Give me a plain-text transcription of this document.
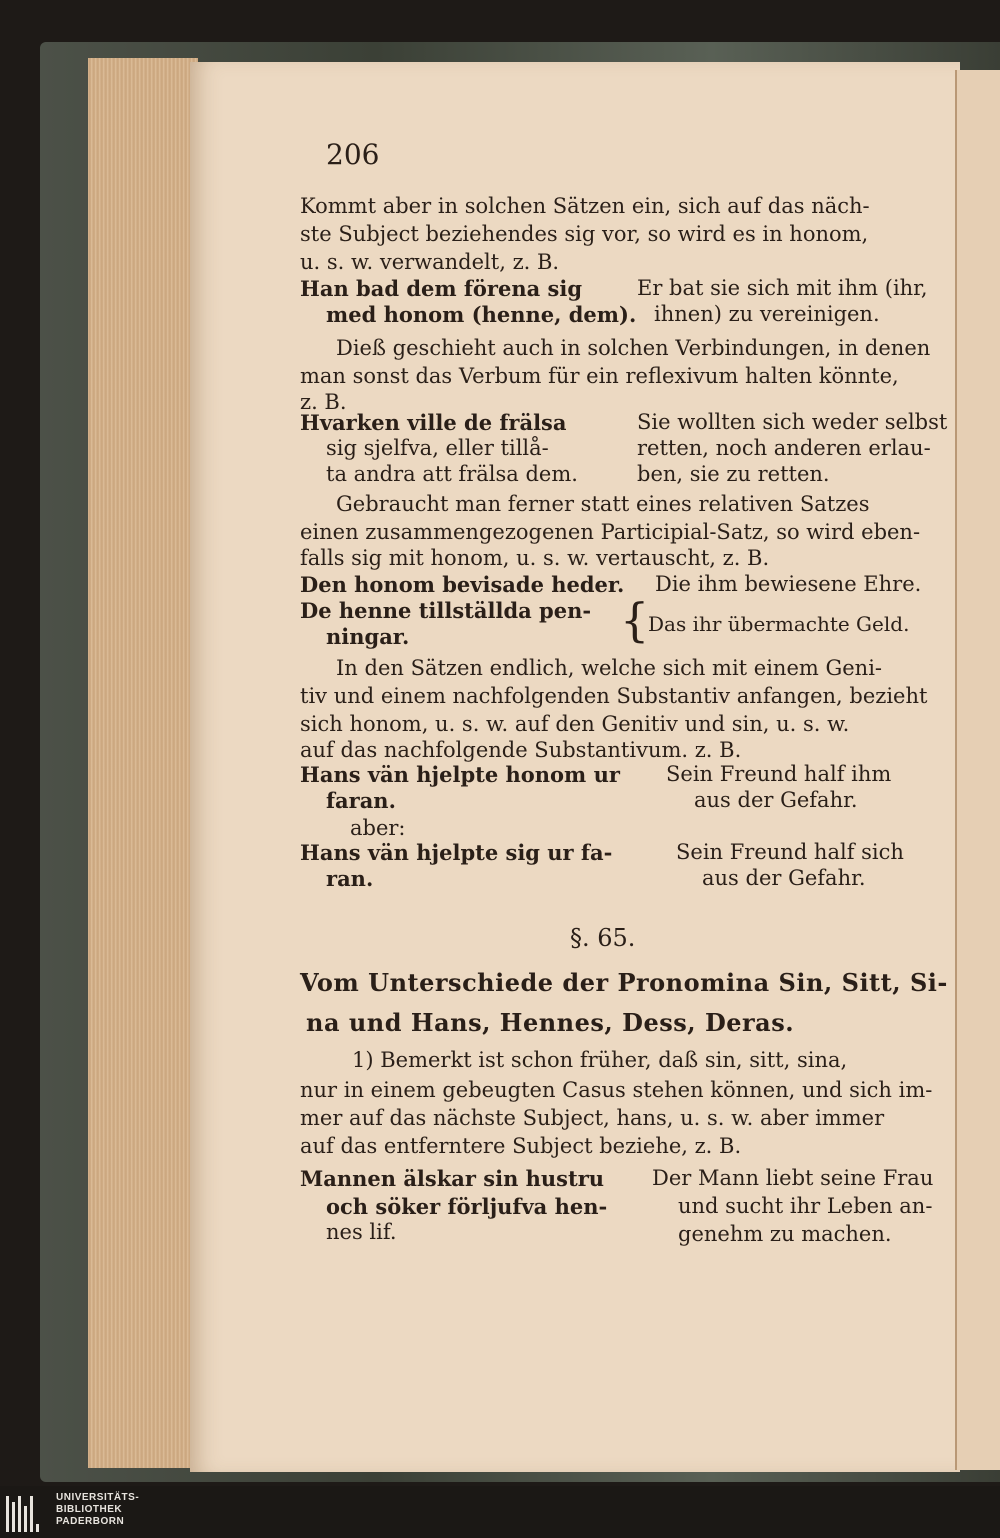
206
Kommt aber in solchen Sätzen ein, sich auf das näch-
ste Subject beziehendes sig vor, so wird es in honom,
u. s. w. verwandelt, z. B.
Han bad dem förena sig
med honom (henne, dem).
Er bat sie sich mit ihm (ihr,
ihnen) zu vereinigen.
Dieß geschieht auch in solchen Verbindungen, in denen
man sonst das Verbum für ein reflexivum halten könnte,
z. B.
Hvarken ville de frälsa
sig sjelfva, eller tillå-
ta andra att frälsa dem.
Sie wollten sich weder selbst
retten, noch anderen erlau-
ben, sie zu retten.
Gebraucht man ferner statt eines relativen Satzes
einen zusammengezogenen Participial-Satz, so wird eben-
falls sig mit honom, u. s. w. vertauscht, z. B.
Den honom bevisade heder.
De henne tillställda pen-
ningar.
Die ihm bewiesene Ehre.
{
Das ihr übermachte Geld.
In den Sätzen endlich, welche sich mit einem Geni-
tiv und einem nachfolgenden Substantiv anfangen, bezieht
sich honom, u. s. w. auf den Genitiv und sin, u. s. w.
auf das nachfolgende Substantivum. z. B.
Hans vän hjelpte honom ur
faran.
Sein Freund half ihm
aus der Gefahr.
aber:
Hans vän hjelpte sig ur fa-
ran.
Sein Freund half sich
aus der Gefahr.
§. 65.
Vom Unterschiede der Pronomina Sin, Sitt, Si-
na und Hans, Hennes, Dess, Deras.
1) Bemerkt ist schon früher, daß sin, sitt, sina,
nur in einem gebeugten Casus stehen können, und sich im-
mer auf das nächste Subject, hans, u. s. w. aber immer
auf das entferntere Subject beziehe, z. B.
Mannen älskar sin hustru
och söker förljufva hen-
nes lif.
Der Mann liebt seine Frau
und sucht ihr Leben an-
genehm zu machen.
UNIVERSITÄTS-
BIBLIOTHEK
PADERBORN
